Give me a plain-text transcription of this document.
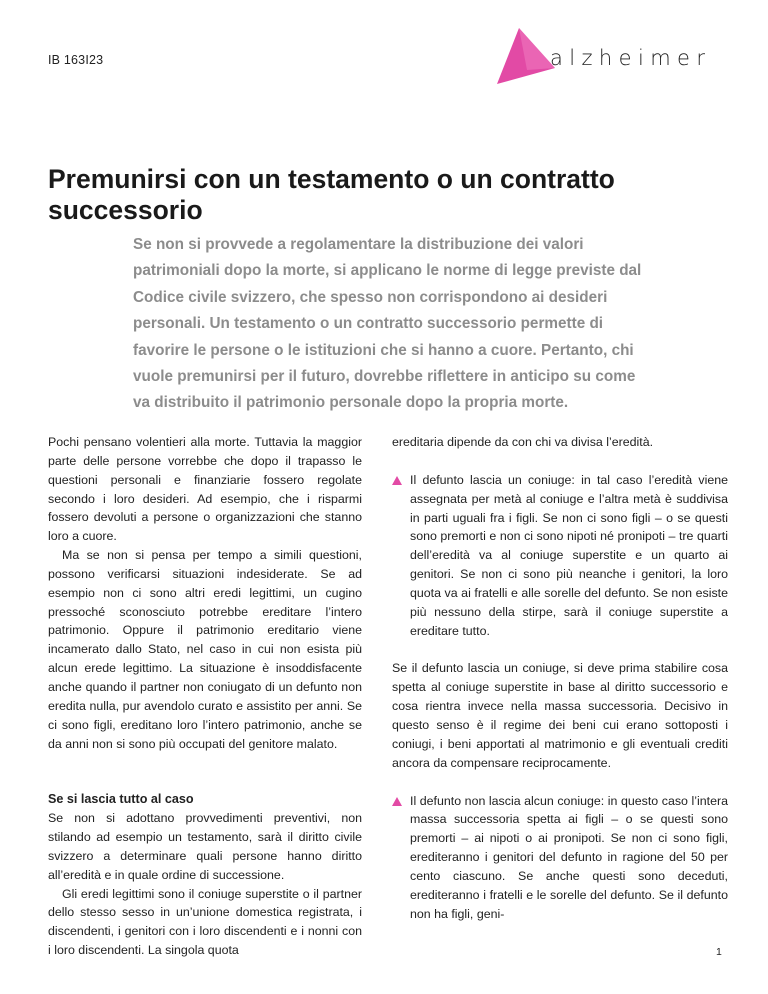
IB 163I23	alzheimer
Premunirsi con un testamento o un contratto successorio

Se non si provvede a regolamentare la distribuzione dei valori patrimoniali dopo la morte, si applicano le norme di legge previste dal Codice civile svizzero, che spesso non corrispondono ai desideri personali. Un testamento o un contratto successorio permette di favorire le persone o le istituzioni che si hanno a cuore. Pertanto, chi vuole premunirsi per il futuro, dovrebbe riflettere in anticipo su come va distribuito il patrimonio personale dopo la propria morte.

Pochi pensano volentieri alla morte. Tuttavia la maggior parte delle persone vorrebbe che dopo il trapasso le questioni personali e finanziarie fossero regolate secondo i loro desideri. Ad esempio, che i risparmi fossero devoluti a persone o organizzazioni che stanno loro a cuore.

Ma se non si pensa per tempo a simili questioni, possono verificarsi situazioni indesiderate. Se ad esempio non ci sono altri eredi legittimi, un cugino pressoché sconosciuto potrebbe ereditare l’intero patrimonio. Oppure il patrimonio ereditario viene incamerato dallo Stato, nel caso in cui non esista più alcun erede legittimo. La situazione è insoddisfacente anche quando il partner non coniugato di un defunto non eredita nulla, pur avendolo curato e assistito per anni. Se ci sono figli, ereditano loro l’intero patrimonio, anche se da anni non si sono più occupati del genitore malato.

Se si lascia tutto al caso

Se non si adottano provvedimenti preventivi, non stilando ad esempio un testamento, sarà il diritto civile svizzero a determinare quali persone hanno diritto all’eredità e in quale ordine di successione.

Gli eredi legittimi sono il coniuge superstite o il partner dello stesso sesso in un’unione domestica registrata, i discendenti, i genitori con i loro discendenti e i nonni con i loro discendenti. La singola quota

ereditaria dipende da con chi va divisa l’eredità.

Il defunto lascia un coniuge: in tal caso l’eredità viene assegnata per metà al coniuge e l’altra metà è suddivisa in parti uguali fra i figli. Se non ci sono figli – o se questi sono premorti e non ci sono nipoti né pronipoti – tre quarti dell’eredità va al coniuge superstite e un quarto ai genitori. Se non ci sono più neanche i genitori, la loro quota va ai fratelli e alle sorelle del defunto. Se non esiste più nessuno della stirpe, sarà il coniuge superstite a ereditare tutto.

Se il defunto lascia un coniuge, si deve prima stabilire cosa spetta al coniuge superstite in base al diritto successorio e cosa rientra invece nella massa successoria. Decisivo in questo senso è il regime dei beni cui erano sottoposti i coniugi, i beni apportati al matrimonio e gli eventuali crediti ancora da compensare reciprocamente.

Il defunto non lascia alcun coniuge: in questo caso l’intera massa successoria spetta ai figli – o se questi sono premorti – ai nipoti o ai pronipoti. Se non ci sono figli, erediteranno i genitori del defunto in ragione del 50 per cento ciascuno. Se anche questi sono deceduti, erediteranno i fratelli e le sorelle del defunto. Se il defunto non ha figli, geni-
1
